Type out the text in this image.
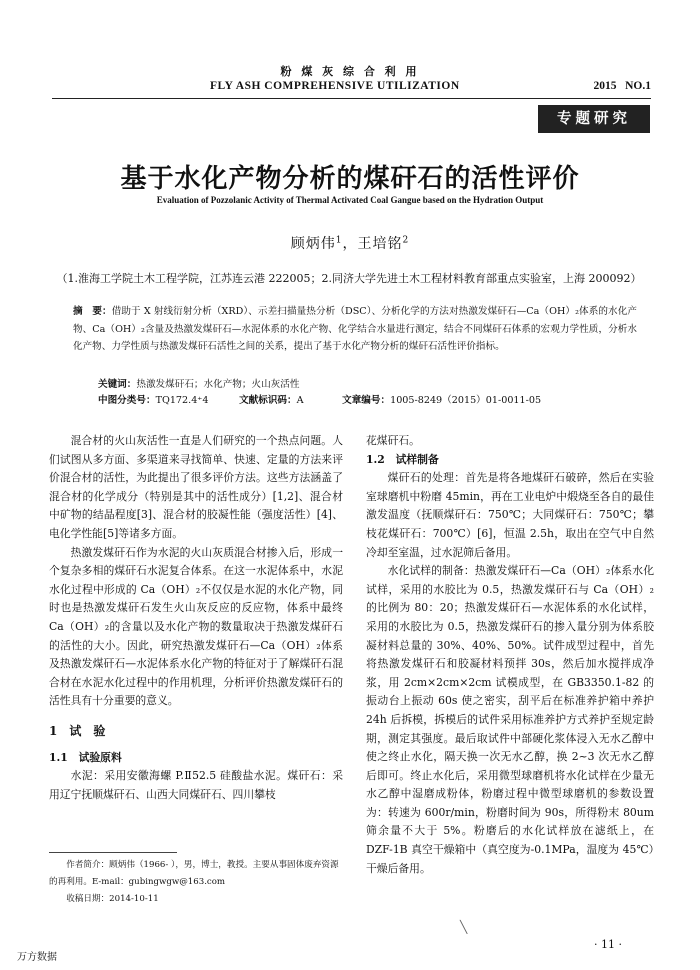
粉 煤 灰 综 合 利 用
FLY ASH COMPREHENSIVE UTILIZATION	2015   NO.1
专题研究
基于水化产物分析的煤矸石的活性评价
Evaluation of Pozzolanic Activity of Thermal Activated Coal Gangue based on the Hydration Output
顾炳伟$^1$，王培铭$^2$
（1.淮海工学院土木工程学院，江苏连云港 222005；2.同济大学先进土木工程材料教育部重点实验室，上海 200092）
摘　要：借助于 X 射线衍射分析（XRD）、示差扫描量热分析（DSC）、分析化学的方法对热激发煤矸石—Ca（OH）₂体系的水化产物、Ca（OH）₂含量及热激发煤矸石—水泥体系的水化产物、化学结合水量进行测定，结合不同煤矸石体系的宏观力学性质，分析水化产物、力学性质与热激发煤矸石活性之间的关系，提出了基于水化产物分析的煤矸石活性评价指标。
关键词：热激发煤矸石；水化产物；火山灰活性
中图分类号：TQ172.4⁺4	文献标识码：A	文章编号：1005-8249（2015）01-0011-05

混合材的火山灰活性一直是人们研究的一个热点问题。人们试图从多方面、多渠道来寻找简单、快速、定量的方法来评价混合材的活性，为此提出了很多评价方法。这些方法涵盖了混合材的化学成分（特别是其中的活性成分）[1,2]、混合材中矿物的结晶程度[3]、混合材的胶凝性能（强度活性）[4]、电化学性能[5]等诸多方面。

热激发煤矸石作为水泥的火山灰质混合材掺入后，形成一个复杂多相的煤矸石水泥复合体系。在这一水泥体系中，水泥水化过程中形成的 Ca（OH）₂不仅仅是水泥的水化产物，同时也是热激发煤矸石发生火山灰反应的反应物，体系中最终 Ca（OH）₂的含量以及水化产物的数量取决于热激发煤矸石的活性的大小。因此，研究热激发煤矸石—Ca（OH）₂体系及热激发煤矸石—水泥体系水化产物的特征对于了解煤矸石混合材在水泥水化过程中的作用机理，分析评价热激发煤矸石的活性具有十分重要的意义。

1　试　验
1.1　试验原料

水泥：采用安徽海螺 P.Ⅱ52.5 硅酸盐水泥。煤矸石：采用辽宁抚顺煤矸石、山西大同煤矸石、四川攀枝

花煤矸石。
1.2　试样制备

煤矸石的处理：首先是将各地煤矸石破碎，然后在实验室球磨机中粉磨 45min，再在工业电炉中煅烧至各自的最佳激发温度（抚顺煤矸石：750℃；大同煤矸石：750℃；攀枝花煤矸石：700℃）[6]，恒温 2.5h，取出在空气中自然冷却至室温，过水泥筛后备用。

水化试样的制备：热激发煤矸石—Ca（OH）₂体系水化试样，采用的水胶比为 0.5，热激发煤矸石与 Ca（OH）₂的比例为 80：20；热激发煤矸石—水泥体系的水化试样，采用的水胶比为 0.5，热激发煤矸石的掺入量分别为体系胶凝材料总量的 30%、40%、50%。试件成型过程中，首先将热激发煤矸石和胶凝材料预拌 30s，然后加水搅拌成净浆，用 2cm×2cm×2cm 试模成型，在 GB3350.1-82 的振动台上振动 60s 使之密实，刮平后在标准养护箱中养护 24h 后拆模，拆模后的试件采用标准养护方式养护至规定龄期，测定其强度。最后取试件中部硬化浆体浸入无水乙醇中使之终止水化，隔天换一次无水乙醇，换 2~3 次无水乙醇后即可。终止水化后，采用微型球磨机将水化试样在少量无水乙醇中湿磨成粉体，粉磨过程中微型球磨机的参数设置为：转速为 600r/min，粉磨时间为 90s，所得粉末 80um 筛余量不大于 5%。粉磨后的水化试样放在滤纸上，在 DZF-1B 真空干燥箱中（真空度为-0.1MPa，温度为 45℃）干燥后备用。

作者简介：顾炳伟（1966- ），男，博士，教授。主要从事固体废弃资源的再利用。E-mail：gubingwgw@163.com

收稿日期：2014-10-11

╲
· 11 ·
万方数据
